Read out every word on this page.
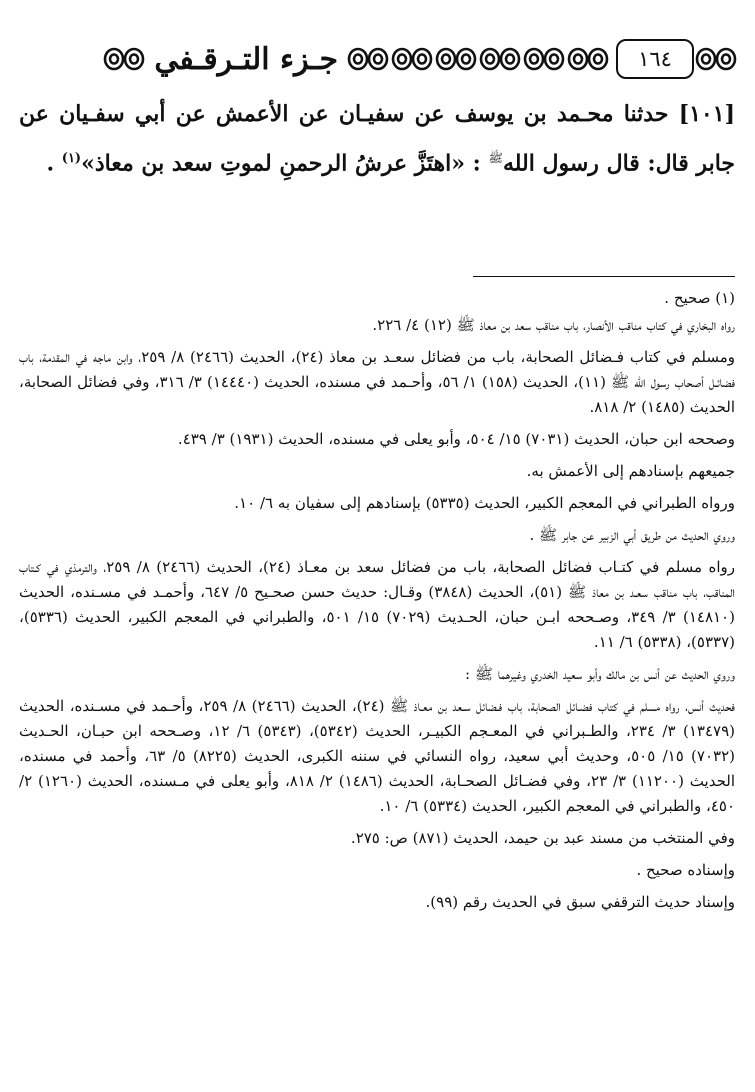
١٦٤
جـزء التـرقـفي
[١٠١] حدثنا محـمد بن يوسف عن سفيـان عن الأعمش عن أبي سفـيان عن جابر قال: قال رسول الله$^ﷺ$ : «اهتَزَّ عرشُ الرحمنِ لموتِ سعد بن معاذ»$^{(١)}$ .

(١) صحيح .

رواه البخاري في كتاب مناقب الأنصار، باب مناقب سعد بن معاذ ﷺ (١٢) ٤/ ٢٢٦.

ومسلم في كتاب فـضائل الصحابة، باب من فضائل سعـد بن معاذ (٢٤)، الحديث (٢٤٦٦) ٨/ ٢٥٩، وابن ماجه في المقدمة، باب فضائـل أصحاب رسول الله ﷺ (١١)، الحديث (١٥٨) ١/ ٥٦، وأحـمد في مسنده، الحديث (١٤٤٤٠) ٣/ ٣١٦، وفي فضائل الصحابة، الحديث (١٤٨٥) ٢/ ٨١٨.

وصححه ابن حبان، الحديث (٧٠٣١) ١٥/ ٥٠٤، وأبو يعلى في مسنده، الحديث (١٩٣١) ٣/ ٤٣٩.

جميعهم بإسنادهم إلى الأعمش به.

ورواه الطبراني في المعجم الكبير، الحديث (٥٣٣٥) بإسنادهم إلى سفيان به ٦/ ١٠.

وروي الحديث من طريق أبي الزبير عن جابر ﷺ .

رواه مسلم في كتـاب فضائل الصحابة، باب من فضائل سعد بن معـاذ (٢٤)، الحديث (٢٤٦٦) ٨/ ٢٥٩، والترمذي في كـتاب المناقب، باب مناقب سعـد بن معاذ ﷺ (٥١)، الحديث (٣٨٤٨) وقـال: حديث حسن صحـيح ٥/ ٦٤٧، وأحمـد في مسـنده، الحديث (١٤٨١٠) ٣/ ٣٤٩، وصـححه ابـن حبان، الحـديث (٧٠٢٩) ١٥/ ٥٠١، والطبراني في المعجم الكبير، الحديث (٥٣٣٦)، (٥٣٣٧)، (٥٣٣٨) ٦/ ١١.

وروي الحديث عن أنس بن مالك وأبو سعيد الخدري وغيرهما ﷺ :

فحديث أنس، رواه مسلم في كتاب فضـائل الصحابة، باب فـضائل سـعد بن معـاذ ﷺ (٢٤)، الحديث (٢٤٦٦) ٨/ ٢٥٩، وأحـمد في مسـنده، الحديث (١٣٤٧٩) ٣/ ٢٣٤، والطـبراني في المعـجم الكبيـر، الحديث (٥٣٤٢)، (٥٣٤٣) ٦/ ١٢، وصـححه ابن حبـان، الحـديث (٧٠٣٢) ١٥/ ٥٠٥، وحديث أبي سعيد، رواه النسائي في سننه الكبرى، الحديث (٨٢٢٥) ٥/ ٦٣، وأحمد في مسنده، الحديث (١١٢٠٠) ٣/ ٢٣، وفي فضـائل الصحـابة، الحديث (١٤٨٦) ٢/ ٨١٨، وأبو يعلى في مـسنده، الحديث (١٢٦٠) ٢/ ٤٥٠، والطبراني في المعجم الكبير، الحديث (٥٣٣٤) ٦/ ١٠.

وفي المنتخب من مسند عبد بن حيمد، الحديث (٨٧١) ص: ٢٧٥.

وإسناده صحيح .

وإسناد حديث الترقفي سبق في الحديث رقم (٩٩).
